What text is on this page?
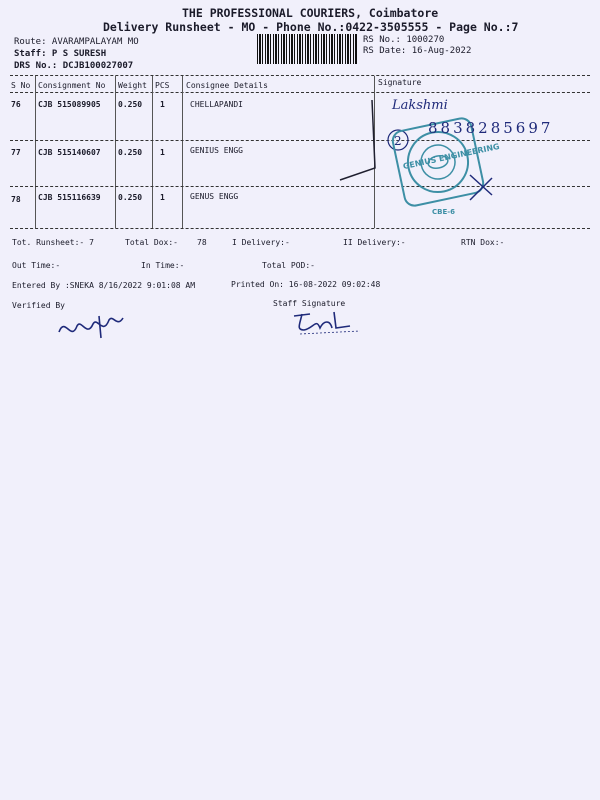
THE PROFESSIONAL COURIERS, Coimbatore
Delivery Runsheet - MO - Phone No.:0422-3505555 - Page No.:7
Route: AVARAMPALAYAM MO
Staff: P S SURESH
DRS No.: DCJB100027007
RS No.: 1000270
RS Date: 16-Aug-2022
S No Consignment No Weight PCS Consignee Details	Signature
76 CJB 515089905 0.250 1	CHELLAPANDI
77 CJB 515140607 0.250 1	GENIUS ENGG
78 CJB 515116639 0.250 1	GENUS ENGG
2
Lakshmi
8838285697
GENIUS ENGINEERING
CBE-6
Tot. Runsheet:- 7	Total Dox:- 78	I Delivery:-	II Delivery:-	RTN Dox:-
Out Time:-	In Time:-	Total POD:-
Entered By :SNEKA 8/16/2022 9:01:08 AM	Printed On: 16-08-2022 09:02:48
Verified By	Staff Signature
